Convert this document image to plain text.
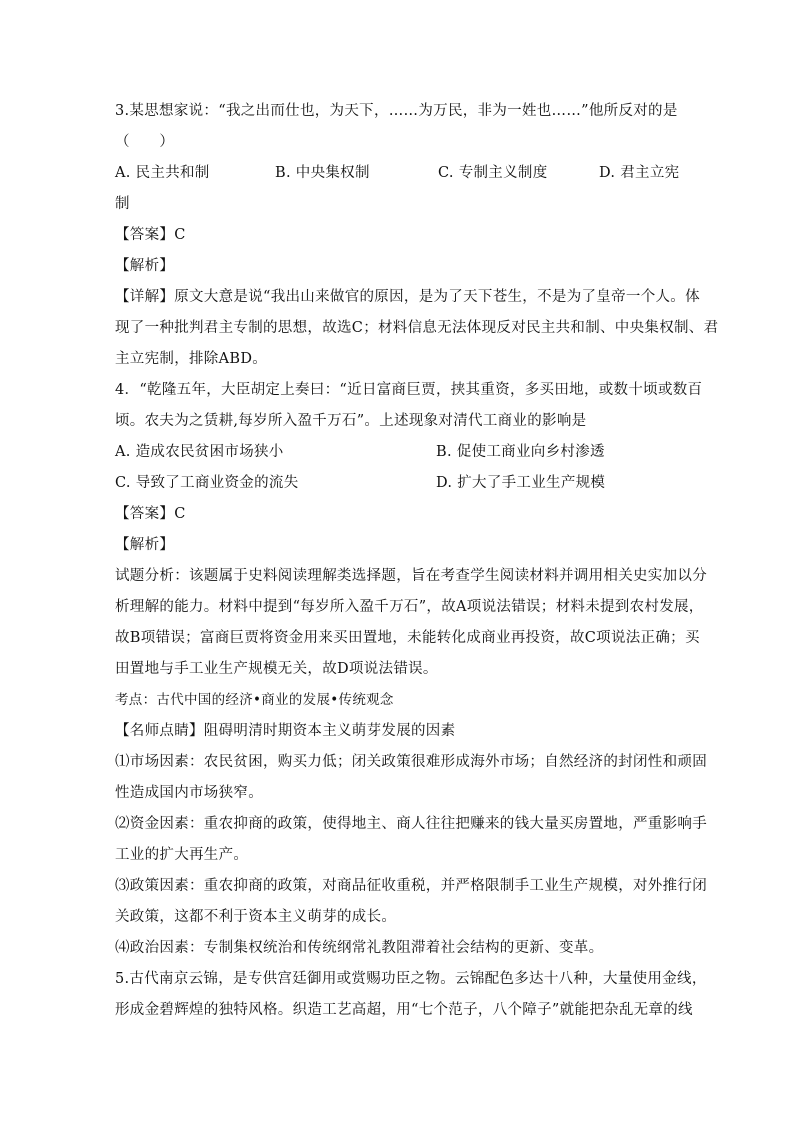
3.某思想家说：“我之出而仕也，为天下，……为万民，非为一姓也……”他所反对的是
（　　）
A. 民主共和制	B. 中央集权制	C. 专制主义制度	D. 君主立宪
制
【答案】C
【解析】
【详解】原文大意是说“我出山来做官的原因，是为了天下苍生，不是为了皇帝一个人。体
现了一种批判君主专制的思想，故选C；材料信息无法体现反对民主共和制、中央集权制、君
主立宪制，排除ABD。
4．“乾隆五年，大臣胡定上奏曰：“近日富商巨贾，挟其重资，多买田地，或数十顷或数百
顷。农夫为之赁耕,每岁所入盈千万石”。上述现象对清代工商业的影响是
A. 造成农民贫困市场狭小	B. 促使工商业向乡村渗透
C. 导致了工商业资金的流失	D. 扩大了手工业生产规模
【答案】C
【解析】
试题分析：该题属于史料阅读理解类选择题，旨在考查学生阅读材料并调用相关史实加以分
析理解的能力。材料中提到“每岁所入盈千万石”，故A项说法错误；材料未提到农村发展，
故B项错误；富商巨贾将资金用来买田置地，未能转化成商业再投资，故C项说法正确；买
田置地与手工业生产规模无关，故D项说法错误。
考点：古代中国的经济•商业的发展•传统观念
【名师点睛】阻碍明清时期资本主义萌芽发展的因素
⑴市场因素：农民贫困，购买力低；闭关政策很难形成海外市场；自然经济的封闭性和顽固
性造成国内市场狭窄。
⑵资金因素：重农抑商的政策，使得地主、商人往往把赚来的钱大量买房置地，严重影响手
工业的扩大再生产。
⑶政策因素：重农抑商的政策，对商品征收重税，并严格限制手工业生产规模，对外推行闭
关政策，这都不利于资本主义萌芽的成长。
⑷政治因素：专制集权统治和传统纲常礼教阻滞着社会结构的更新、变革。
5.古代南京云锦，是专供宫廷御用或赏赐功臣之物。云锦配色多达十八种，大量使用金线，
形成金碧辉煌的独特风格。织造工艺高超，用“七个范子，八个障子”就能把杂乱无章的线
